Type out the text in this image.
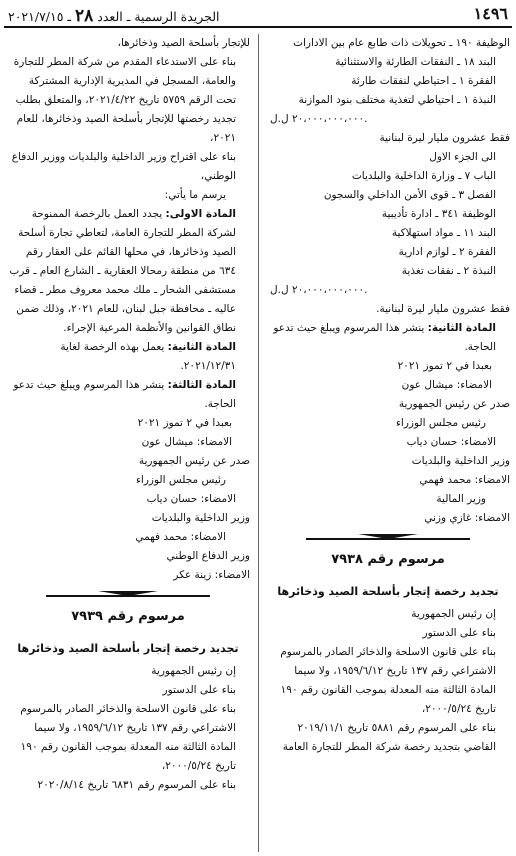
١٤٩٦
الجريدة الرسمية ـ العدد ٢٨ ـ ٢٠٢١/٧/١٥

الوظيفة ١٩٠ ـ تحويلات ذات طابع عام بين الادارات

البند ١٨ ـ النفقات الطارئة والاستثنائية

الفقرة ١ ـ احتياطي لنفقات طارئة

النبذة ١ ـ احتياطي لتغذية مختلف بنود الموازنة

٢٠،٠٠٠،٠٠٠،٠٠٠ ل.ل.

فقط عشرون مليار ليرة لبنانية

الى الجزء الاول

الباب ٧ ـ وزارة الداخلية والبلديات

الفصل ٣ ـ قوى الأمن الداخلي والسجون

الوظيفة ٣٤١ ـ ادارة تأديبية

البند ١١ ـ مواد استهلاكية

الفقرة ٢ ـ لوازم ادارية

النبذة ٢ ـ نفقات تغذية

٢٠،٠٠٠،٠٠٠،٠٠٠ ل.ل.

فقط عشرون مليار ليرة لبنانية.

المادة الثانية: ينشر هذا المرسوم ويبلغ حيث تدعو الحاجة.

بعبدا في ٢ تموز ٢٠٢١

الامضاء: ميشال عون

صدر عن رئيس الجمهورية

رئيس مجلس الوزراء

الامضاء: حسان دياب

وزير الداخلية والبلديات

الامضاء: محمد فهمي

وزير المالية

الامضاء: غازي وزني

مرسوم رقم ٧٩٣٨

تجديد رخصة إتجار بأسلحة الصيد وذخائرها

إن رئيس الجمهورية

بناء على الدستور

بناء على قانون الاسلحة والذخائر الصادر بالمرسوم الاشتراعي رقم ١٣٧ تاريخ ١٩٥٩/٦/١٢، ولا سيما المادة الثالثة منه المعدلة بموجب القانون رقم ١٩٠ تاريخ ٢٠٠٠/٥/٢٤،

بناء على المرسوم رقم ٥٨٨١ تاريخ ٢٠١٩/١١/١ القاضي بتجديد رخصة شركة المطر للتجارة العامة

للإتجار بأسلحة الصيد وذخائرها،

بناء على الاستدعاء المقدم من شركة المطر للتجارة والعامة، المسجل في المديرية الإدارية المشتركة تحت الرقم ٥٧٥٩ تاريخ ٢٠٢١/٤/٢٢، والمتعلق بطلب تجديد رخصتها للإتجار بأسلحة الصيد وذخائرها، للعام ٢٠٢١،

بناء على اقتراح وزير الداخلية والبلديات ووزير الدفاع الوطني،

يرسم ما يأتي:

المادة الاولى: يجدد العمل بالرخصة الممنوحة لشركة المطر للتجارة العامة، لتعاطي تجارة أسلحة الصيد وذخائرها، في محلها القائم على العقار رقم ٦٣٤ من منطقة رمحالا العقارية ـ الشارع العام ـ قرب مستشفى الشحار ـ ملك محمد معروف مطر ـ قضاء عاليه ـ محافظة جبل لبنان، للعام ٢٠٢١، وذلك ضمن نطاق القوانين والأنظمة المرعية الإجراء.

المادة الثانية: يعمل بهذه الرخصة لغاية ٢٠٢١/١٢/٣١.

المادة الثالثة: ينشر هذا المرسوم ويبلغ حيث تدعو الحاجة.

بعبدا في ٢ تموز ٢٠٢١

الامضاء: ميشال عون

صدر عن رئيس الجمهورية

رئيس مجلس الوزراء

الامضاء: حسان دياب

وزير الداخلية والبلديات

الامضاء: محمد فهمي

وزير الدفاع الوطني

الامضاء: زينة عكر

مرسوم رقم ٧٩٣٩

تجديد رخصة إتجار بأسلحة الصيد وذخائرها

إن رئيس الجمهورية

بناء على الدستور

بناء على قانون الاسلحة والذخائر الصادر بالمرسوم الاشتراعي رقم ١٣٧ تاريخ ١٩٥٩/٦/١٢، ولا سيما المادة الثالثة منه المعدلة بموجب القانون رقم ١٩٠ تاريخ ٢٠٠٠/٥/٢٤،

بناء على المرسوم رقم ٦٨٣١ تاريخ ٢٠٢٠/٨/١٤
